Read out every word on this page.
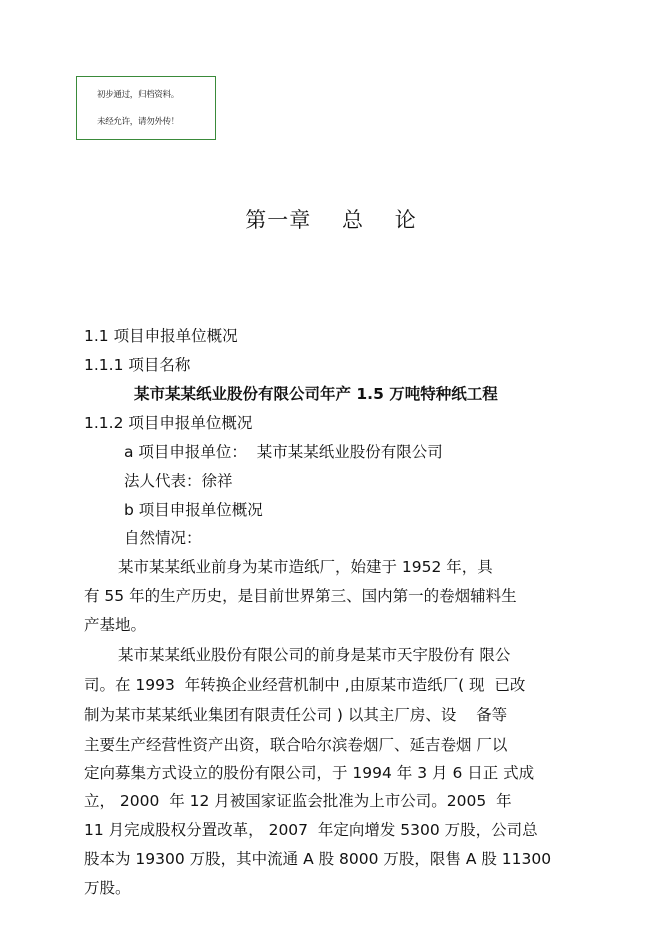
初步通过，归档资料。
未经允许，请勿外传！
第一章    总    论
1.1 项目申报单位概况
1.1.1 项目名称
某市某某纸业股份有限公司年产 1.5 万吨特种纸工程
1.1.2 项目申报单位概况
a 项目申报单位：  某市某某纸业股份有限公司
法人代表：徐祥
b 项目申报单位概况
自然情况：
某市某某纸业前身为某市造纸厂，始建于 1952 年，具
有 55 年的生产历史，是目前世界第三、国内第一的卷烟辅料生
产基地。
某市某某纸业股份有限公司的前身是某市天宇股份有 限公
司。在 1993  年转换企业经营机制中 ,由原某市造纸厂( 现  已改
制为某市某某纸业集团有限责任公司 ) 以其主厂房、设    备等
主要生产经营性资产出资，联合哈尔滨卷烟厂、延吉卷烟 厂以
定向募集方式设立的股份有限公司，于 1994 年 3 月 6 日正 式成
立， 2000  年 12 月被国家证监会批准为上市公司。2005  年
11 月完成股权分置改革， 2007  年定向增发 5300 万股，公司总
股本为 19300 万股，其中流通 A 股 8000 万股，限售 A 股 11300
万股。
